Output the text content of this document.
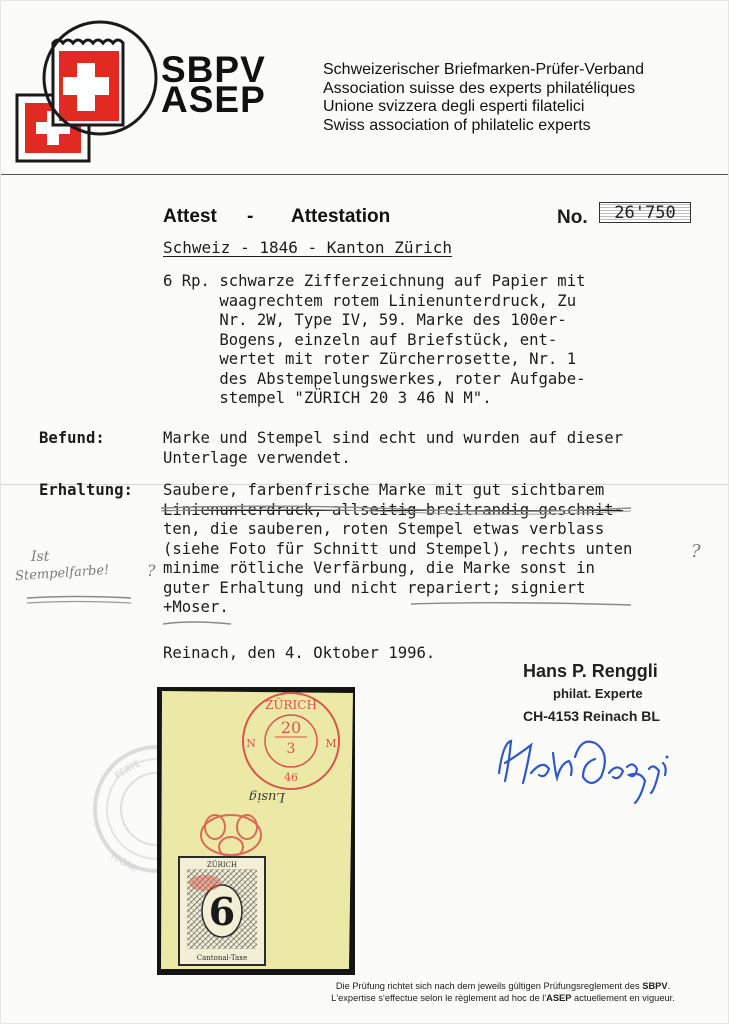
SBPV
ASEP
Schweizerischer Briefmarken-Prüfer-Verband
Association suisse des experts philatéliques
Unione svizzera degli esperti filatelici
Swiss association of philatelic experts
Attest - Attestation	No.	26'750
Schweiz - 1846 - Kanton Zürich
6 Rp. schwarze Zifferzeichnung auf Papier mit
waagrechtem rotem Linienunterdruck, Zu
Nr. 2W, Type IV, 59. Marke des 100er-
Bogens, einzeln auf Briefstück, ent-
wertet mit roter Zürcherrosette, Nr. 1
des Abstempelungswerkes, roter Aufgabe-
stempel "ZÜRICH 20 3 46 N M".
Befund:	Marke und Stempel sind echt und wurden auf dieser
Unterlage verwendet.
Erhaltung: Saubere, farbenfrische Marke mit gut sichtbarem
Linienunterdruck, allseitig breitrandig geschnit-
ten, die sauberen, roten Stempel etwas verblass
(siehe Foto für Schnitt und Stempel), rechts unten
minime rötliche Verfärbung, die Marke sonst in
guter Erhaltung und nicht repariert; signiert
+Moser.
Ist
Stempelfarbe! ?
?
Reinach, den 4. Oktober 1996.
Hans P. Renggli
philat. Experte
CH-4153 Reinach BL
PERTE
TEGNE
Lusig
ZÜRICH
20
3
46
N	M
ZÜRICH
6
Cantonal-Taxe
Die Prüfung richtet sich nach dem jeweils gültigen Prüfungsreglement des SBPV.
L'expertise s'effectue selon le règlement ad hoc de l'ASEP actuellement en vigueur.
